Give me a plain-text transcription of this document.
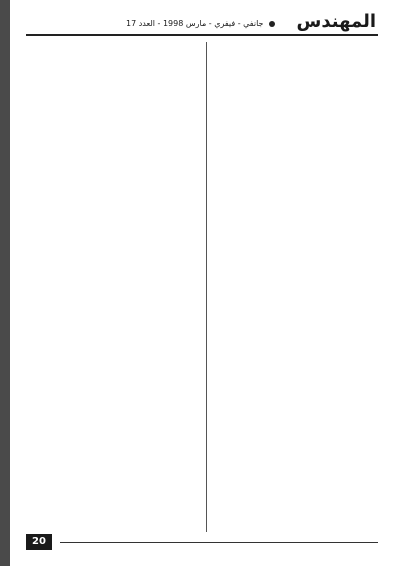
المهندس
جانفي - فيفري - مارس 1998 - العدد 17
20
